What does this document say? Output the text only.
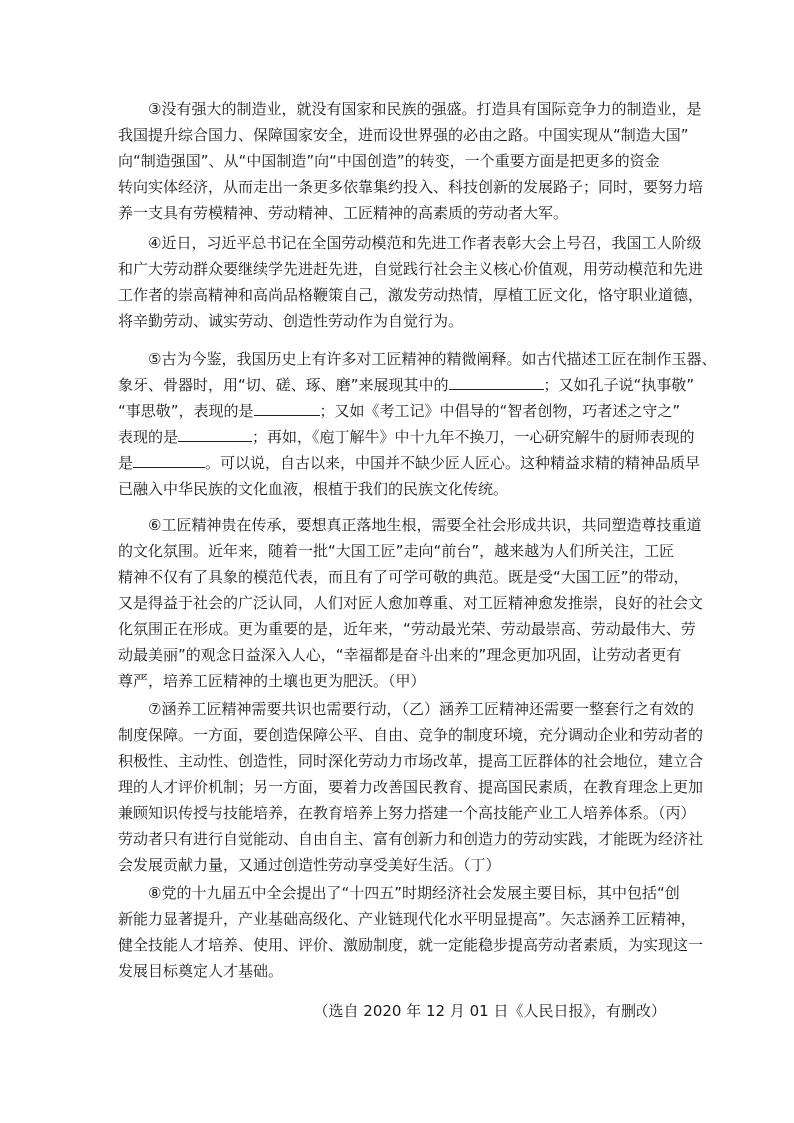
③没有强大的制造业，就没有国家和民族的强盛。打造具有国际竞争力的制造业，是
我国提升综合国力、保障国家安全，进而设世界强的必由之路。中国实现从“制造大国”
向“制造强国”、从“中国制造”向“中国创造”的转变，一个重要方面是把更多的资金
转向实体经济，从而走出一条更多依靠集约投入、科技创新的发展路子；同时，要努力培
养一支具有劳模精神、劳动精神、工匠精神的高素质的劳动者大军。
④近日，习近平总书记在全国劳动模范和先进工作者表彰大会上号召，我国工人阶级
和广大劳动群众要继续学先进赶先进，自觉践行社会主义核心价值观，用劳动模范和先进
工作者的崇高精神和高尚品格鞭策自己，激发劳动热情，厚植工匠文化，恪守职业道德，
将辛勤劳动、诚实劳动、创造性劳动作为自觉行为。
⑤古为今鉴，我国历史上有许多对工匠精神的精微阐释。如古代描述工匠在制作玉器、
象牙、骨器时，用“切、磋、琢、磨”来展现其中的	；又如孔子说“执事敬”
“事思敬”，表现的是	；又如《考工记》中倡导的“智者创物，巧者述之守之”
表现的是	；再如，《庖丁解牛》中十九年不换刀，一心研究解牛的厨师表现的
是	。可以说，自古以来，中国并不缺少匠人匠心。这种精益求精的精神品质早
已融入中华民族的文化血液，根植于我们的民族文化传统。
⑥工匠精神贵在传承，要想真正落地生根，需要全社会形成共识，共同塑造尊技重道
的文化氛围。近年来，随着一批“大国工匠”走向“前台”，越来越为人们所关注，工匠
精神不仅有了具象的模范代表，而且有了可学可敬的典范。既是受“大国工匠”的带动，
又是得益于社会的广泛认同，人们对匠人愈加尊重、对工匠精神愈发推崇，良好的社会文
化氛围正在形成。更为重要的是，近年来，“劳动最光荣、劳动最崇高、劳动最伟大、劳
动最美丽”的观念日益深入人心，“幸福都是奋斗出来的”理念更加巩固，让劳动者更有
尊严，培养工匠精神的土壤也更为肥沃。（甲）
⑦涵养工匠精神需要共识也需要行动，（乙）涵养工匠精神还需要一整套行之有效的
制度保障。一方面，要创造保障公平、自由、竞争的制度环境，充分调动企业和劳动者的
积极性、主动性、创造性，同时深化劳动力市场改革，提高工匠群体的社会地位，建立合
理的人才评价机制；另一方面，要着力改善国民教育、提高国民素质，在教育理念上更加
兼顾知识传授与技能培养，在教育培养上努力搭建一个高技能产业工人培养体系。（丙）
劳动者只有进行自觉能动、自由自主、富有创新力和创造力的劳动实践，才能既为经济社
会发展贡献力量，又通过创造性劳动享受美好生活。（丁）
⑧党的十九届五中全会提出了“十四五”时期经济社会发展主要目标，其中包括“创
新能力显著提升，产业基础高级化、产业链现代化水平明显提高”。矢志涵养工匠精神，
健全技能人才培养、使用、评价、激励制度，就一定能稳步提高劳动者素质，为实现这一
发展目标奠定人才基础。
（选自 2020 年 12 月 01 日《人民日报》，有删改）
